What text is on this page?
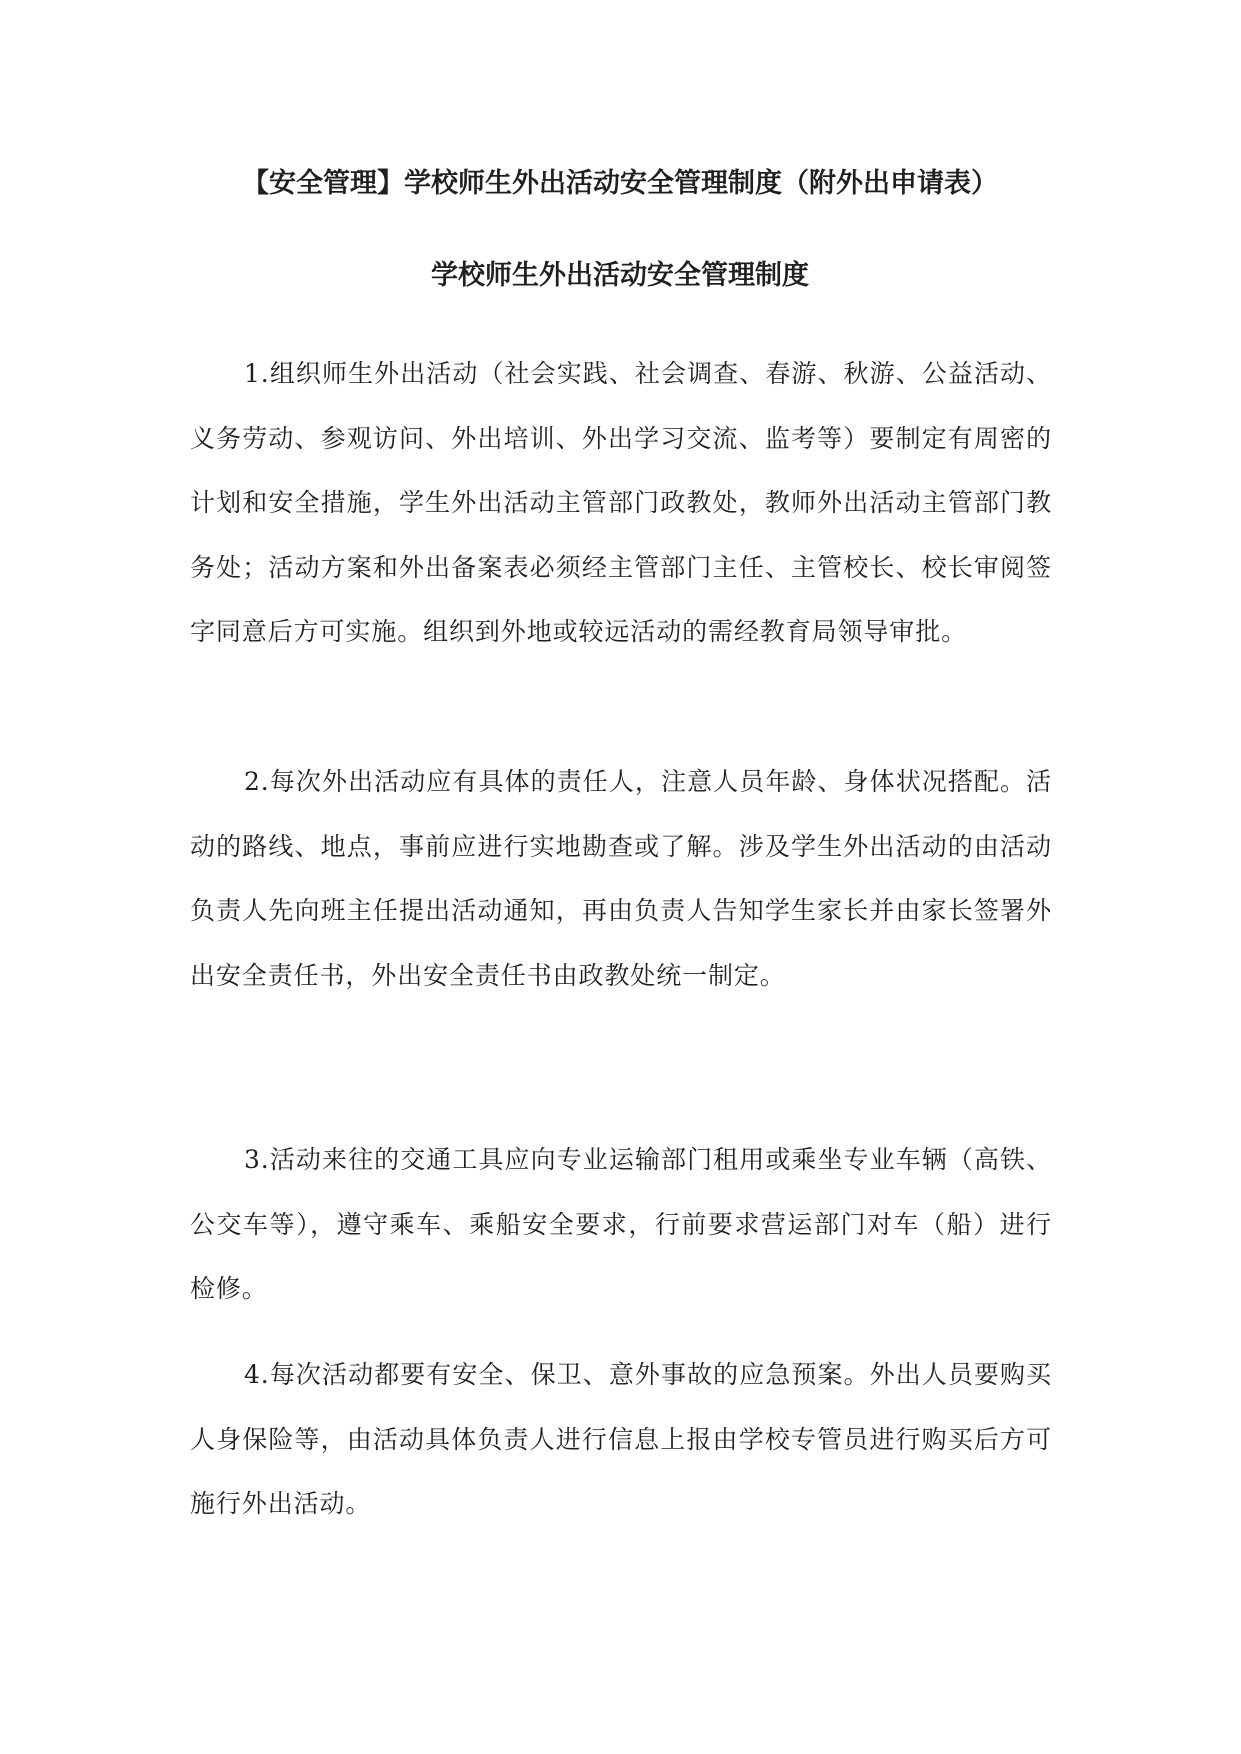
【安全管理】学校师生外出活动安全管理制度（附外出申请表）
学校师生外出活动安全管理制度

1.组织师生外出活动（社会实践、社会调查、春游、秋游、公益活动、义务劳动、参观访问、外出培训、外出学习交流、监考等）要制定有周密的计划和安全措施，学生外出活动主管部门政教处，教师外出活动主管部门教务处；活动方案和外出备案表必须经主管部门主任、主管校长、校长审阅签字同意后方可实施。组织到外地或较远活动的需经教育局领导审批。

2.每次外出活动应有具体的责任人，注意人员年龄、身体状况搭配。活动的路线、地点，事前应进行实地勘查或了解。涉及学生外出活动的由活动负责人先向班主任提出活动通知，再由负责人告知学生家长并由家长签署外出安全责任书，外出安全责任书由政教处统一制定。

3.活动来往的交通工具应向专业运输部门租用或乘坐专业车辆（高铁、公交车等），遵守乘车、乘船安全要求，行前要求营运部门对车（船）进行检修。

4.每次活动都要有安全、保卫、意外事故的应急预案。外出人员要购买人身保险等，由活动具体负责人进行信息上报由学校专管员进行购买后方可施行外出活动。
